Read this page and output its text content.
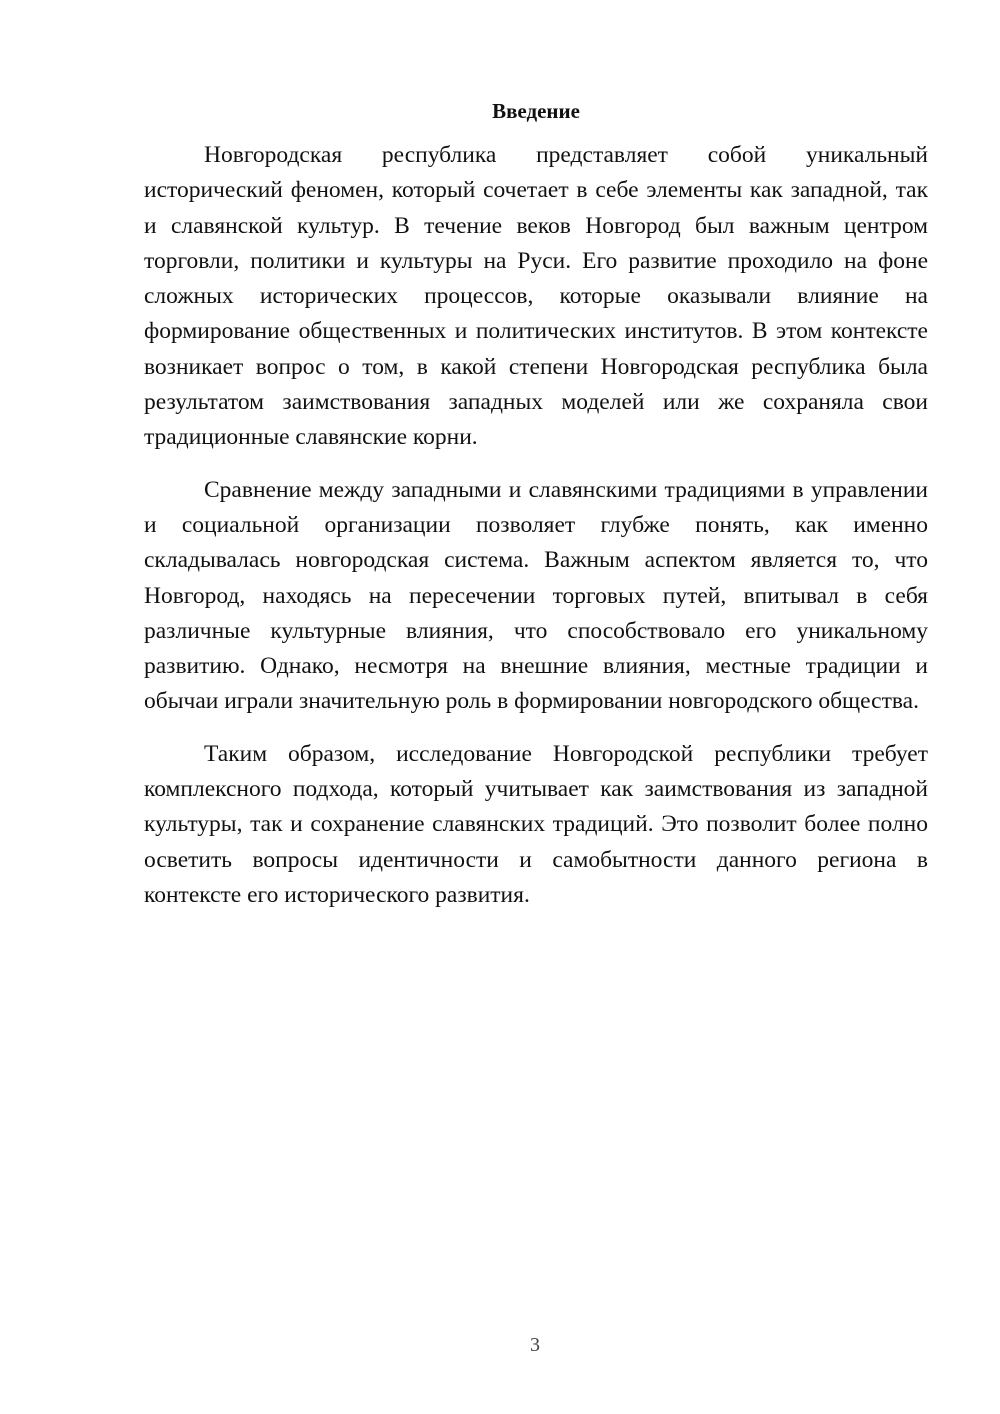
Введение

Новгородская республика представляет собой уникальный исторический феномен, который сочетает в себе элементы как западной, так и славянской культур. В течение веков Новгород был важным центром торговли, политики и культуры на Руси. Его развитие проходило на фоне сложных исторических процессов, которые оказывали влияние на формирование общественных и политических институтов. В этом контексте возникает вопрос о том, в какой степени Новгородская республика была результатом заимствования западных моделей или же сохраняла свои традиционные славянские корни.

Сравнение между западными и славянскими традициями в управлении и социальной организации позволяет глубже понять, как именно складывалась новгородская система. Важным аспектом является то, что Новгород, находясь на пересечении торговых путей, впитывал в себя различные культурные влияния, что способствовало его уникальному развитию. Однако, несмотря на внешние влияния, местные традиции и обычаи играли значительную роль в формировании новгородского общества.

Таким образом, исследование Новгородской республики требует комплексного подхода, который учитывает как заимствования из западной культуры, так и сохранение славянских традиций. Это позволит более полно осветить вопросы идентичности и самобытности данного региона в контексте его исторического развития.

3
